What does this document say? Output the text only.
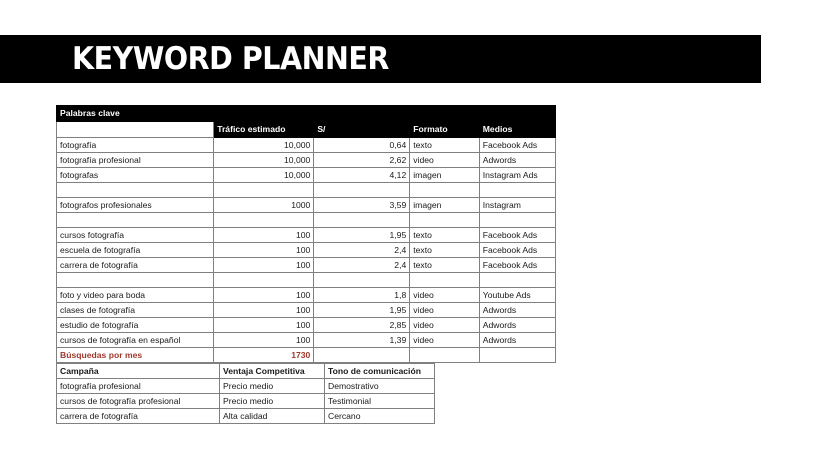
KEYWORD PLANNER
Palabras clave				
	Tráfico estimado	S/	Formato	Medios
fotografía	10,000	0,64	texto	Facebook Ads
fotografía profesional	10,000	2,62	video	Adwords
fotografas	10,000	4,12	imagen	Instagram Ads

fotografos profesionales	1000	3,59	imagen	Instagram

cursos fotografía	100	1,95	texto	Facebook Ads
escuela de fotografía	100	2,4	texto	Facebook Ads
carrera de fotografía	100	2,4	texto	Facebook Ads

foto y video para boda	100	1,8	video	Youtube Ads
clases de fotografía	100	1,95	video	Adwords
estudio de fotografía	100	2,85	video	Adwords
cursos de fotografía en español	100	1,39	video	Adwords
Búsquedas por mes	1730			
Campaña	Ventaja Competitiva	Tono de comunicación
fotografía profesional	Precio medio	Demostrativo
cursos de fotografía profesional	Precio medio	Testimonial
carrera de fotografía	Alta calidad	Cercano
